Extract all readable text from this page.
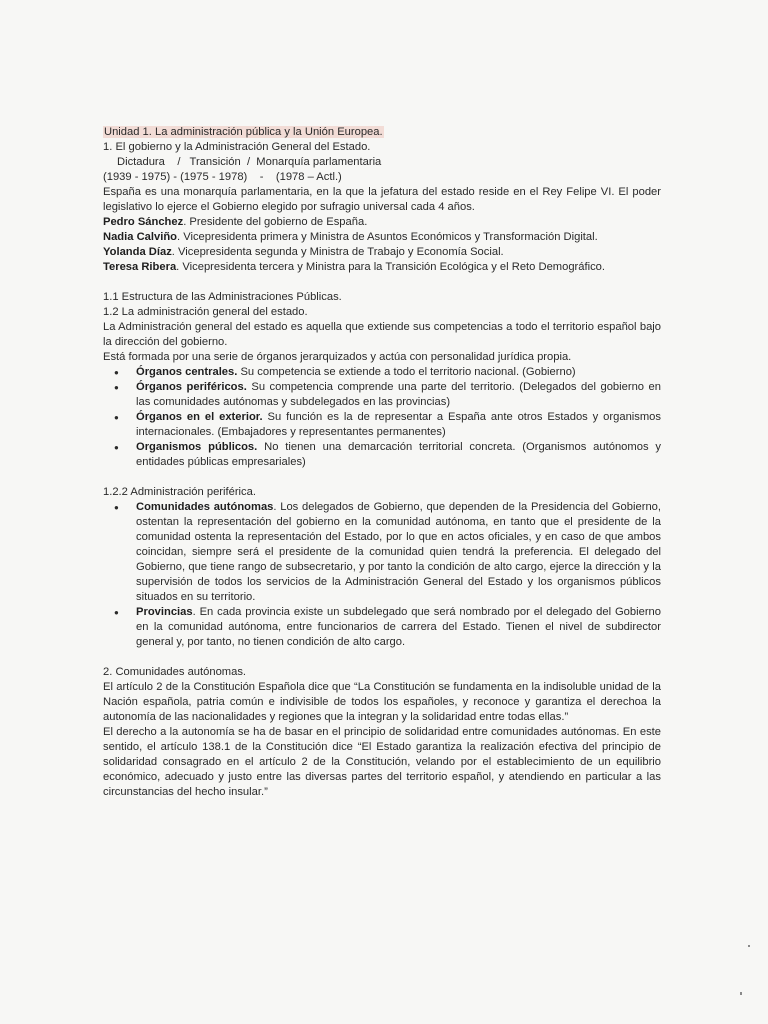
Unidad 1. La administración pública y la Unión Europea.
1. El gobierno y la Administración General del Estado.
Dictadura    /   Transición  /  Monarquía parlamentaria
(1939 - 1975) - (1975 - 1978)    -    (1978 – Actl.)
España es una monarquía parlamentaria, en la que la jefatura del estado reside en el Rey Felipe VI. El poder legislativo lo ejerce el Gobierno elegido por sufragio universal cada 4 años.
Pedro Sánchez. Presidente del gobierno de España.
Nadia Calviño. Vicepresidenta primera y Ministra de Asuntos Económicos y Transformación Digital.
Yolanda Díaz. Vicepresidenta segunda y Ministra de Trabajo y Economía Social.
Teresa Ribera. Vicepresidenta tercera y Ministra para la Transición Ecológica y el Reto Demográfico.
1.1 Estructura de las Administraciones Públicas.
1.2 La administración general del estado.
La Administración general del estado es aquella que extiende sus competencias a todo el territorio español bajo la dirección del gobierno.
Está formada por una serie de órganos jerarquizados y actúa con personalidad jurídica propia.
● Órganos centrales. Su competencia se extiende a todo el territorio nacional. (Gobierno)
● Órganos periféricos. Su competencia comprende una parte del territorio. (Delegados del gobierno en las comunidades autónomas y subdelegados en las provincias)
● Órganos en el exterior. Su función es la de representar a España ante otros Estados y organismos internacionales. (Embajadores y representantes permanentes)
● Organismos públicos. No tienen una demarcación territorial concreta. (Organismos autónomos y entidades públicas empresariales)
1.2.2 Administración periférica.
● Comunidades autónomas. Los delegados de Gobierno, que dependen de la Presidencia del Gobierno, ostentan la representación del gobierno en la comunidad autónoma, en tanto que el presidente de la comunidad ostenta la representación del Estado, por lo que en actos oficiales, y en caso de que ambos coincidan, siempre será el presidente de la comunidad quien tendrá la preferencia. El delegado del Gobierno, que tiene rango de subsecretario, y por tanto la condición de alto cargo, ejerce la dirección y la supervisión de todos los servicios de la Administración General del Estado y los organismos públicos situados en su territorio.
● Provincias. En cada provincia existe un subdelegado que será nombrado por el delegado del Gobierno en la comunidad autónoma, entre funcionarios de carrera del Estado. Tienen el nivel de subdirector general y, por tanto, no tienen condición de alto cargo.
2. Comunidades autónomas.
El artículo 2 de la Constitución Española dice que “La Constitución se fundamenta en la indisoluble unidad de la Nación española, patria común e indivisible de todos los españoles, y reconoce y garantiza el derechoa la autonomía de las nacionalidades y regiones que la integran y la solidaridad entre todas ellas.”
El derecho a la autonomía se ha de basar en el principio de solidaridad entre comunidades autónomas. En este sentido, el artículo 138.1 de la Constitución dice “El Estado garantiza la realización efectiva del principio de solidaridad consagrado en el artículo 2 de la Constitución, velando por el establecimiento de un equilibrio económico, adecuado y justo entre las diversas partes del territorio español, y atendiendo en particular a las circunstancias del hecho insular.”
